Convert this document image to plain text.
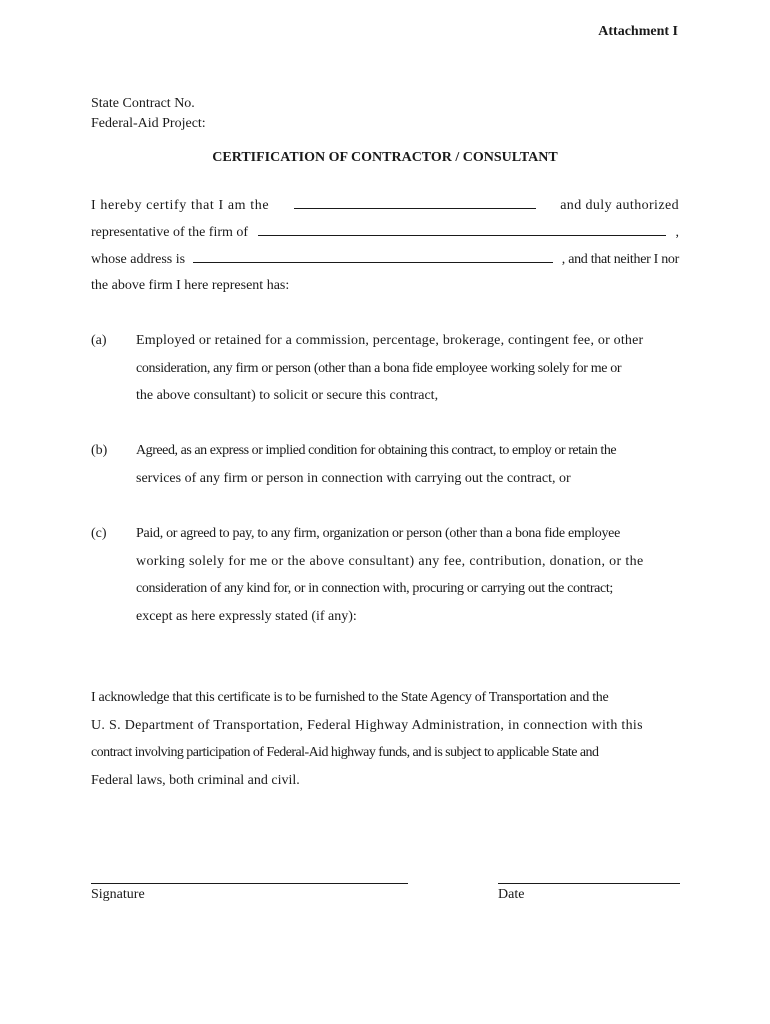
Attachment I
State Contract No.
Federal-Aid Project:
CERTIFICATION OF CONTRACTOR / CONSULTANT
I hereby certify that I am the	and duly authorized
representative of the firm of	,
whose address is	, and that neither I nor
the above firm I here represent has:
(a) Employed or retained for a commission, percentage, brokerage, contingent fee, or other
consideration, any firm or person (other than a bona fide employee working solely for me or
the above consultant) to solicit or secure this contract,
(b) Agreed, as an express or implied condition for obtaining this contract, to employ or retain the
services of any firm or person in connection with carrying out the contract, or
(c) Paid, or agreed to pay, to any firm, organization or person (other than a bona fide employee
working solely for me or the above consultant) any fee, contribution, donation, or the
consideration of any kind for, or in connection with, procuring or carrying out the contract;
except as here expressly stated (if any):
I acknowledge that this certificate is to be furnished to the State Agency of Transportation and the
U. S. Department of Transportation, Federal Highway Administration, in connection with this
contract involving participation of Federal-Aid highway funds, and is subject to applicable State and
Federal laws, both criminal and civil.
Signature	Date
